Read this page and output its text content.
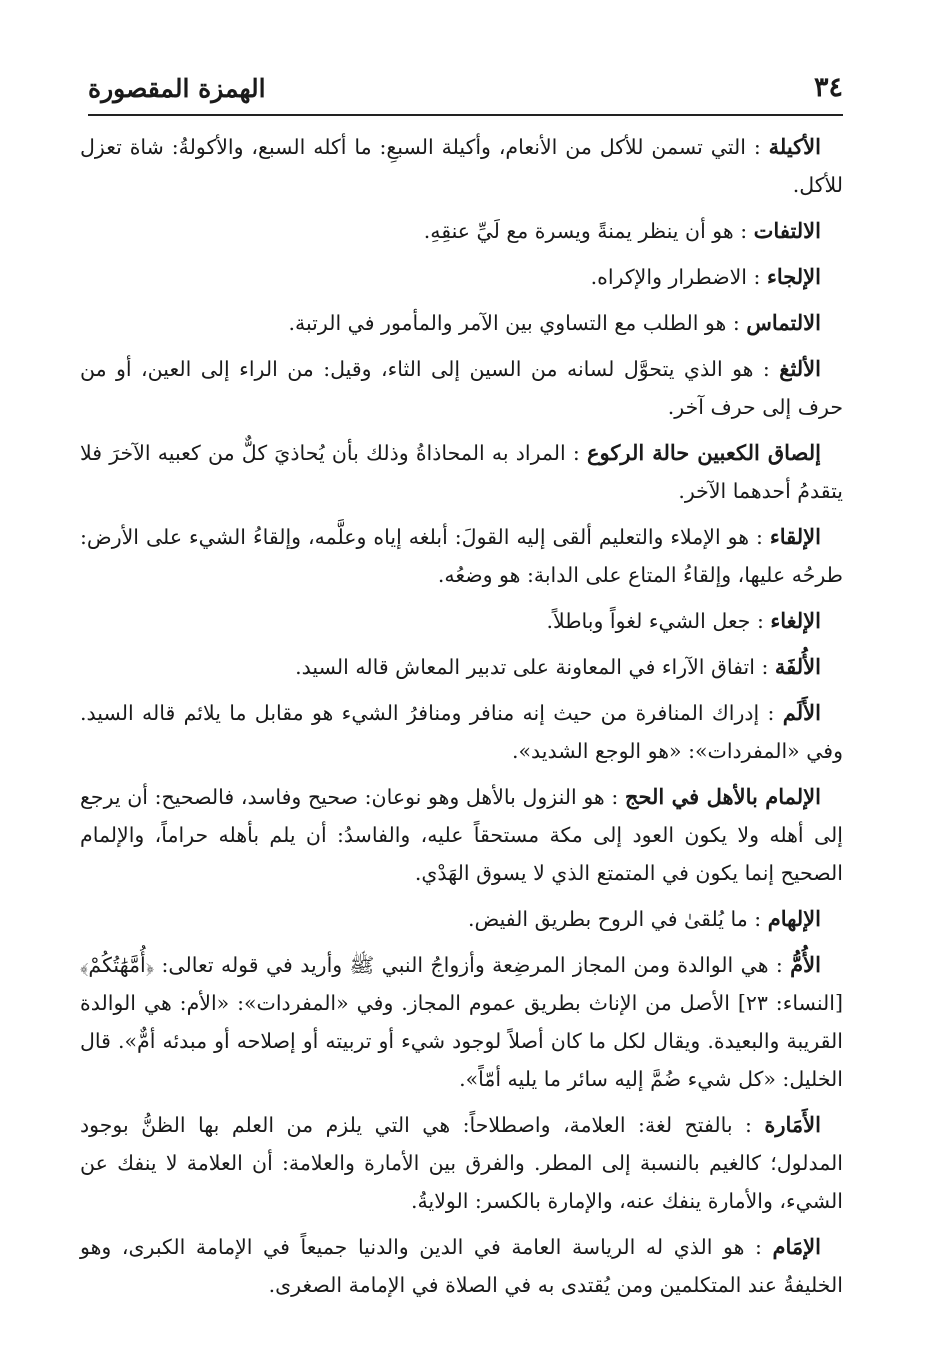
٣٤
الهمزة المقصورة

الأكيلة : التي تسمن للأكل من الأنعام، وأكيلة السبعِ: ما أكله السبع، والأكولةُ: شاة تعزل للأكل.

الالتفات : هو أن ينظر يمنةً ويسرة مع لَيِّ عنقِهِ.

الإلجاء : الاضطرار والإكراه.

الالتماس : هو الطلب مع التساوي بين الآمر والمأمور في الرتبة.

الألثغ : هو الذي يتحوَّل لسانه من السين إلى الثاء، وقيل: من الراء إلى العين، أو من حرف إلى حرف آخر.

إلصاق الكعبين حالة الركوع : المراد به المحاذاةُ وذلك بأن يُحاذيَ كلٌّ من كعبيه الآخرَ فلا يتقدمُ أحدهما الآخر.

الإلقاء : هو الإملاء والتعليم ألقى إليه القولَ: أبلغه إياه وعلَّمه، وإلقاءُ الشيء على الأرض: طرحُه عليها، وإلقاءُ المتاع على الدابة: هو وضعُه.

الإلغاء : جعل الشيء لغواً وباطلاً.

الأُلفَة : اتفاق الآراء في المعاونة على تدبير المعاش قاله السيد.

الأَلَم : إدراك المنافرة من حيث إنه منافر ومنافرُ الشيء هو مقابل ما يلائم قاله السيد. وفي «المفردات»: «هو الوجع الشديد».

الإلمام بالأهل في الحج : هو النزول بالأهل وهو نوعان: صحيح وفاسد، فالصحيح: أن يرجع إلى أهله ولا يكون العود إلى مكة مستحقاً عليه، والفاسدُ: أن يلم بأهله حراماً، والإلمام الصحيح إنما يكون في المتمتع الذي لا يسوق الهَدْي.

الإلهام : ما يُلقىٰ في الروح بطريق الفيض.

الأُمُّ : هي الوالدة ومن المجاز المرضِعة وأزواجُ النبي ﷺ وأريد في قوله تعالى: ﴿أُمَّهَٰتُكُمْ﴾ [النساء: ٢٣] الأصل من الإناث بطريق عموم المجاز. وفي «المفردات»: «الأم: هي الوالدة القريبة والبعيدة. ويقال لكل ما كان أصلاً لوجود شيء أو تربيته أو إصلاحه أو مبدئه أمٌّ». قال الخليل: «كل شيء ضُمَّ إليه سائر ما يليه أمّاً».

الأَمَارة : بالفتح لغة: العلامة، واصطلاحاً: هي التي يلزم من العلم بها الظنُّ بوجود المدلول؛ كالغيم بالنسبة إلى المطر. والفرق بين الأمارة والعلامة: أن العلامة لا ينفك عن الشيء، والأمارة ينفك عنه، والإمارة بالكسر: الولايةُ.

الإمَام : هو الذي له الرياسة العامة في الدين والدنيا جميعاً في الإمامة الكبرى، وهو الخليفةُ عند المتكلمين ومن يُقتدى به في الصلاة في الإمامة الصغرى.
